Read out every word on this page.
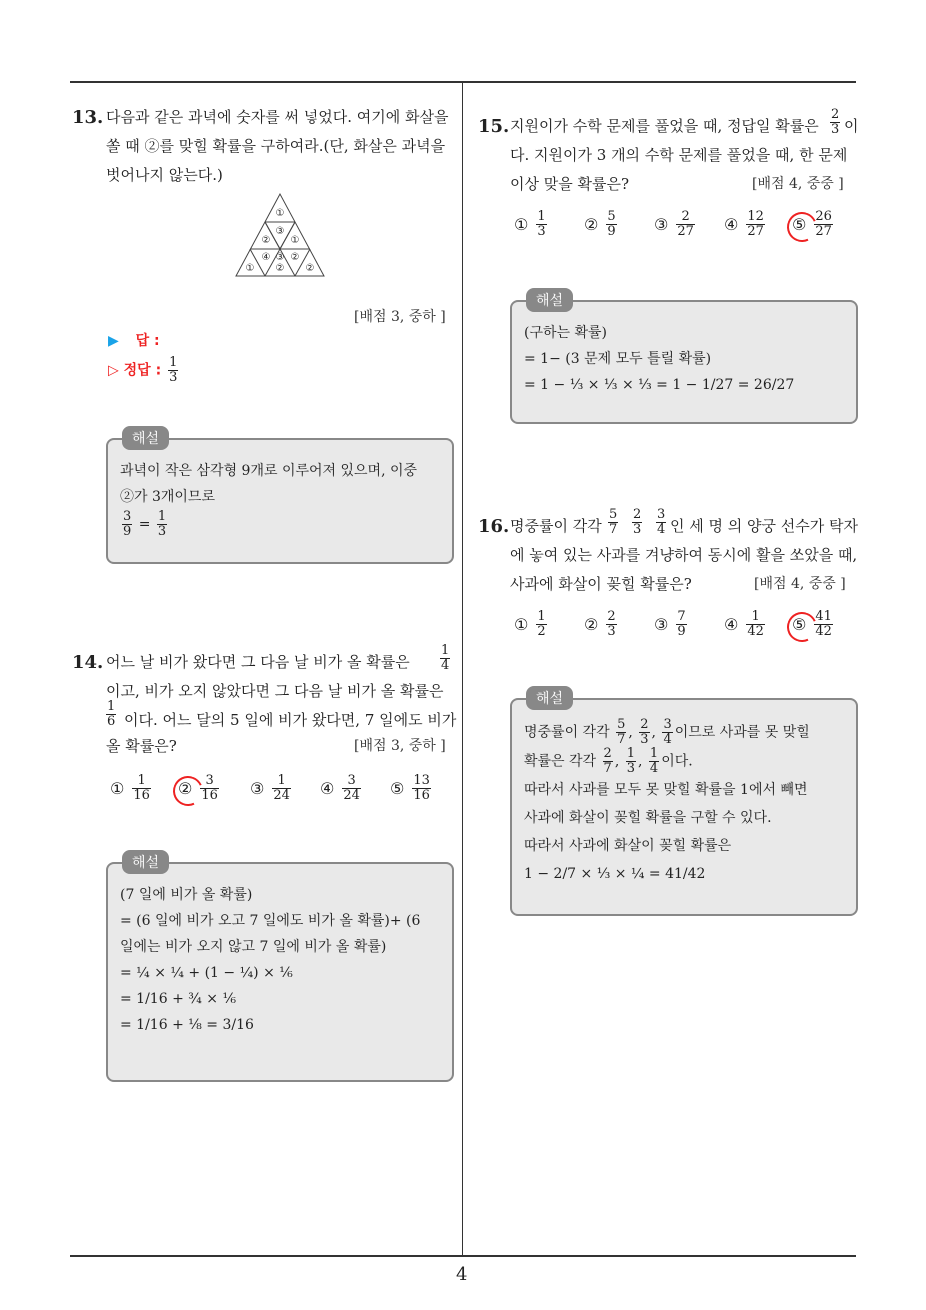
13. 다음과 같은 과녁에 숫자를 써 넣었다. 여기에 화살을
쏠 때 ②를 맞힐 확률을 구하여라.(단, 화살은 과녁을
벗어나지 않는다.)
①
③
② ①
④ ③ ②
① ② ②
[배점 3, 중하 ]
▶ 답 :
▷ 정답 : $\frac{1}{3}$
해설
과녁이 작은 삼각형 9개로 이루어져 있으며, 이중
②가 3개이므로
$\frac{3}{9} = \frac{1}{3}$
14. 어느 날 비가 왔다면 그 다음 날 비가 올 확률은 $\frac{1}{4}$
이고, 비가 오지 않았다면 그 다음 날 비가 올 확률은
$\frac{1}{6}$ 이다. 어느 달의 5 일에 비가 왔다면, 7 일에도 비가
올 확률은?	[배점 3, 중하 ]
① $\frac{1}{16}$ ② $\frac{3}{16}$ ③ $\frac{1}{24}$ ④ $\frac{3}{24}$ ⑤ $\frac{13}{16}$
해설
(7 일에 비가 올 확률)
= (6 일에 비가 오고 7 일에도 비가 올 확률)+ (6
일에는 비가 오지 않고 7 일에 비가 올 확률)
= ¼ × ¼ + (1 − ¼) × ⅙
= 1/16 + ¾ × ⅙
= 1/16 + ⅛ = 3/16
15. 지원이가 수학 문제를 풀었을 때, 정답일 확률은 $\frac{2}{3}$ 이
다. 지원이가 3 개의 수학 문제를 풀었을 때, 한 문제
이상 맞을 확률은?	[배점 4, 중중 ]
① $\frac{1}{3}$ ② $\frac{5}{9}$ ③ $\frac{2}{27}$ ④ $\frac{12}{27}$ ⑤ $\frac{26}{27}$
해설
(구하는 확률)
= 1− (3 문제 모두 틀릴 확률)
= 1 − ⅓ × ⅓ × ⅓ = 1 − 1/27 = 26/27
16. 명중률이 각각 $\frac{5}{7} \frac{2}{3} \frac{3}{4}$ 인 세 명 의 양궁 선수가 탁자
에 놓여 있는 사과를 겨냥하여 동시에 활을 쏘았을 때,
사과에 화살이 꽂힐 확률은?	[배점 4, 중중 ]
① $\frac{1}{2}$ ② $\frac{2}{3}$ ③ $\frac{7}{9}$ ④ $\frac{1}{42}$ ⑤ $\frac{41}{42}$
해설
명중률이 각각 $\frac{5}{7}$ , $\frac{2}{3}$ , $\frac{3}{4}$ 이므로 사과를 못 맞힐
확률은 각각 $\frac{2}{7}$ , $\frac{1}{3}$ , $\frac{1}{4}$ 이다.
따라서 사과를 모두 못 맞힐 확률을 1에서 빼면
사과에 화살이 꽂힐 확률을 구할 수 있다.
따라서 사과에 화살이 꽂힐 확률은
1 − 2/7 × ⅓ × ¼ = 41/42
4
